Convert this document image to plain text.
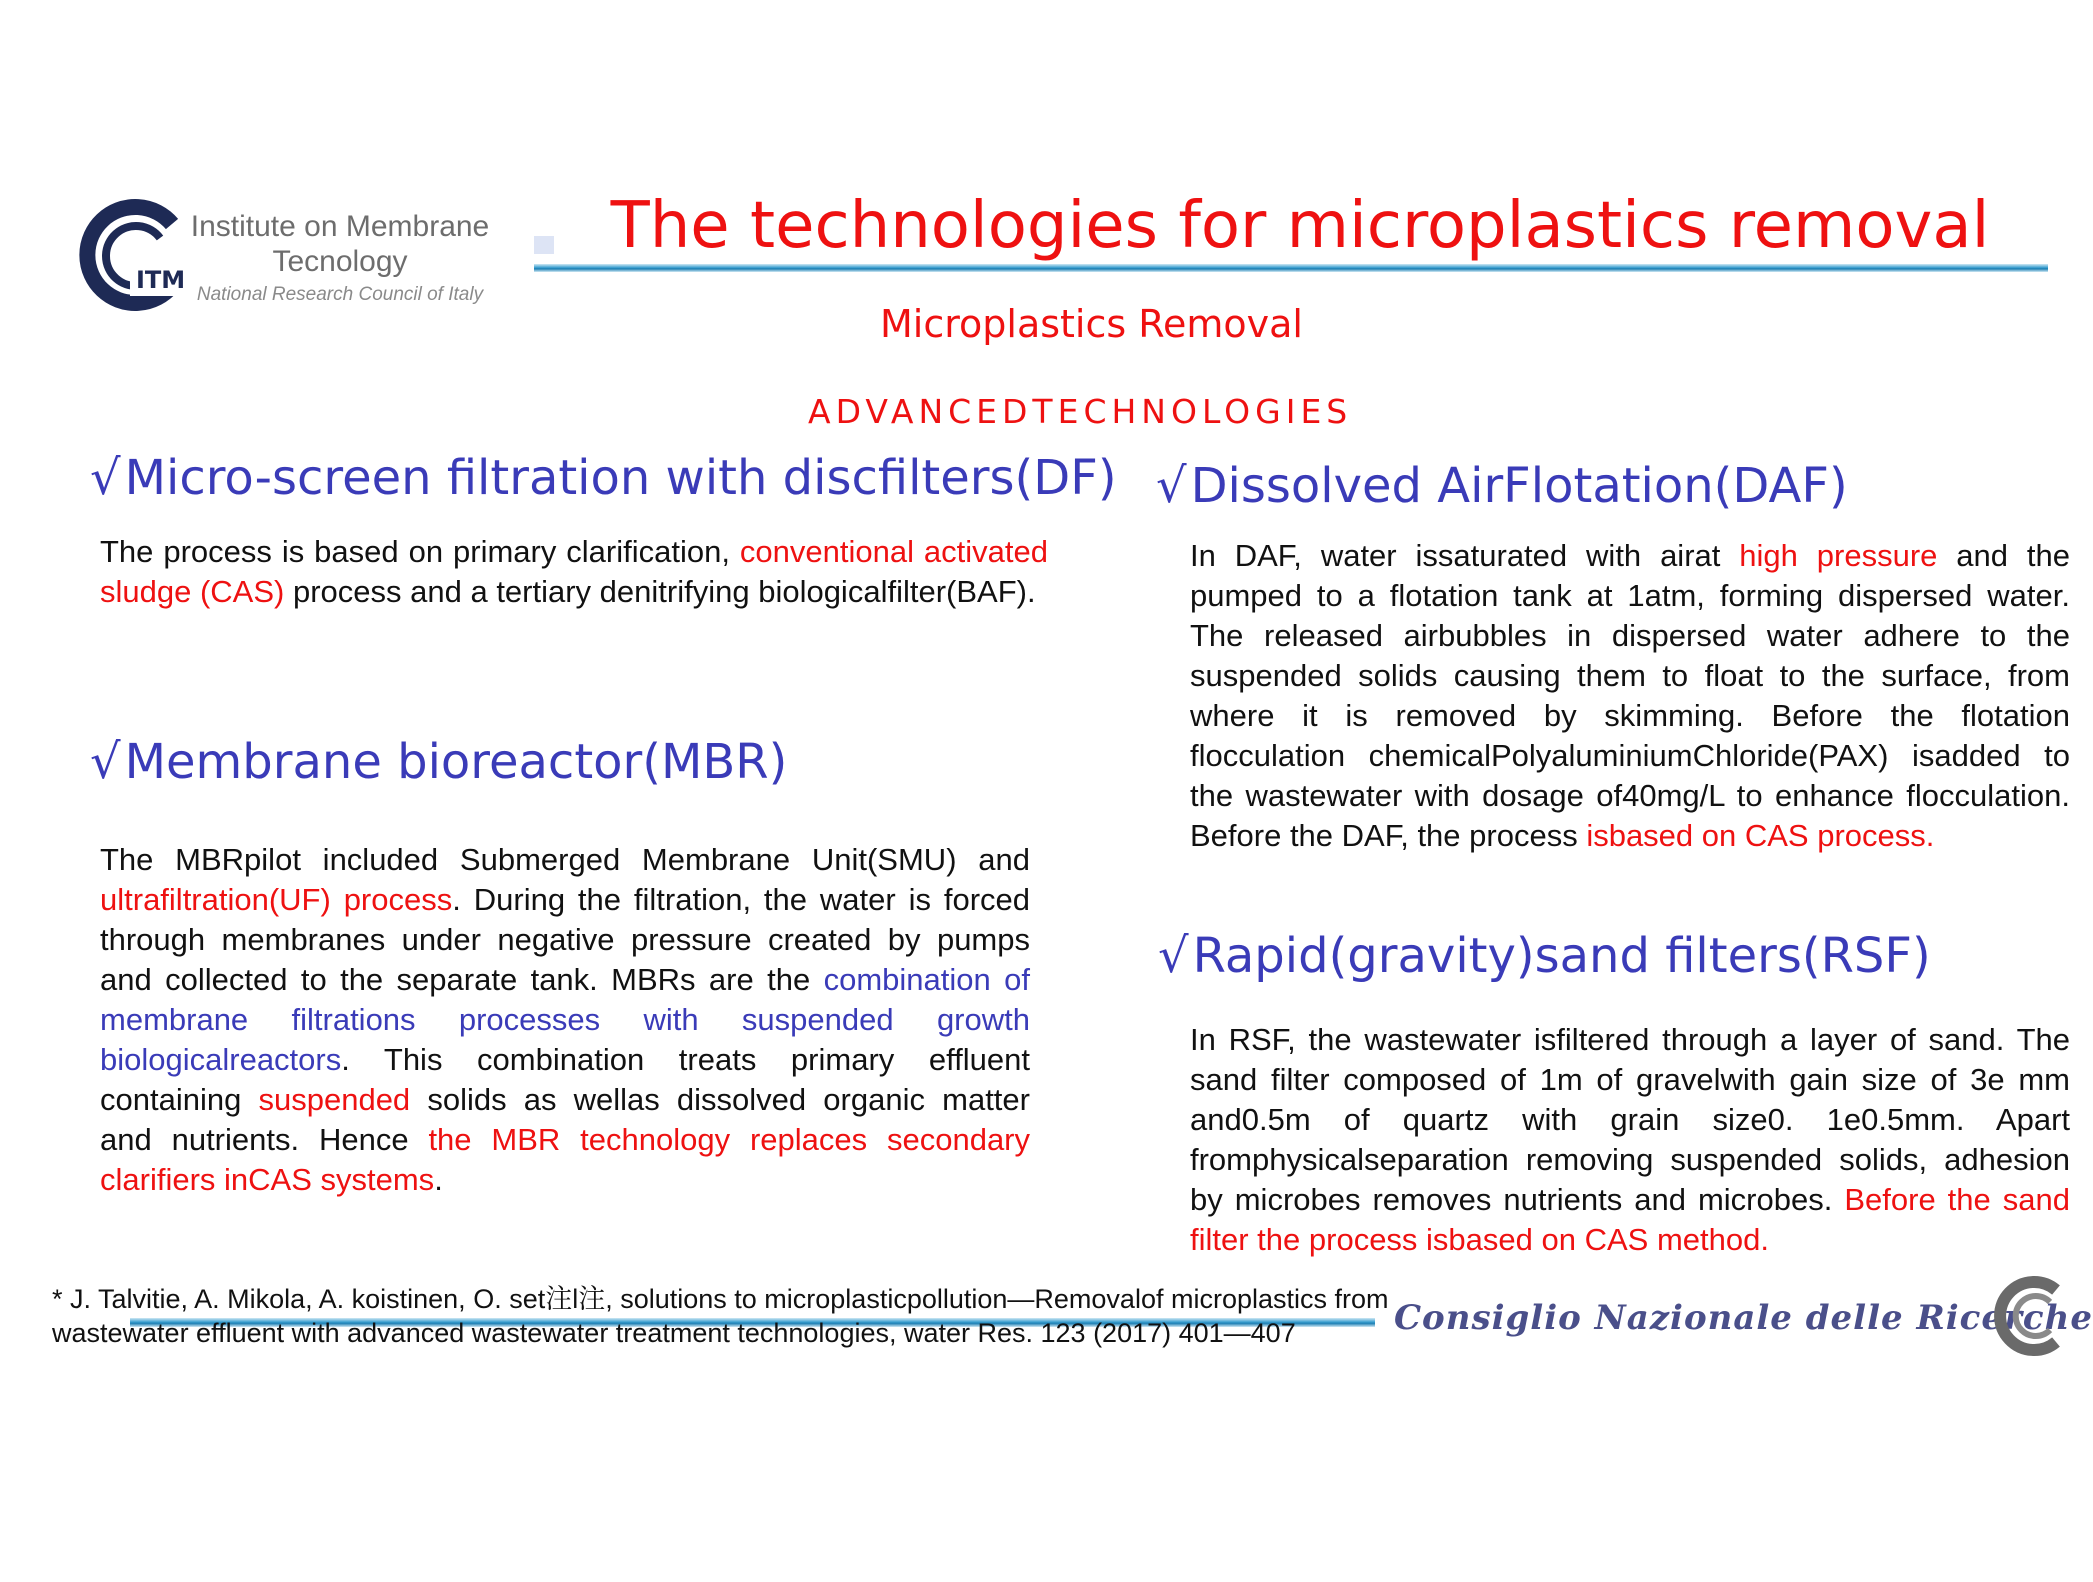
ITM
Institute on Membrane
Tecnology
National Research Council of Italy
The technologies for microplastics removal
Microplastics Removal
ADVANCEDTECHNOLOGIES
√Micro-screen filtration with discfilters(DF)
The process is based on primary clarification, conventional activated sludge (CAS) process and a tertiary denitrifying biologicalfilter(BAF).
√Membrane bioreactor(MBR)
The MBRpilot included Submerged Membrane Unit(SMU) and ultrafiltration(UF) process. During the filtration, the water is forced through membranes under negative pressure created by pumps and collected to the separate tank. MBRs are the combination of membrane filtrations processes with suspended growth biologicalreactors. This combination treats primary effluent containing suspended solids as wellas dissolved organic matter and nutrients. Hence the MBR technology replaces secondary clarifiers inCAS systems.
√Dissolved AirFlotation(DAF)
In DAF, water issaturated with airat high pressure and the pumped to a flotation tank at 1atm, forming dispersed water. The released airbubbles in dispersed water adhere to the suspended solids causing them to float to the surface, from where it is removed by skimming. Before the flotation flocculation chemicalPolyaluminiumChloride(PAX) isadded to the wastewater with dosage of40mg/L to enhance flocculation. Before the DAF, the process isbased on CAS process.
√Rapid(gravity)sand filters(RSF)
In RSF, the wastewater isfiltered through a layer of sand. The sand filter composed of 1m of gravelwith gain size of 3e mm and0.5m of quartz with grain size0. 1e0.5mm. Apart fromphysicalseparation removing suspended solids, adhesion by microbes removes nutrients and microbes. Before the sand filter the process isbased on CAS method.
* J. Talvitie, A. Mikola, A. koistinen, O. set注l注, solutions to microplasticpollution—Removalof microplastics from
wastewater effluent with advanced wastewater treatment technologies, water Res. 123 (2017) 401—407	Consiglio Nazionale delle Ricerche
